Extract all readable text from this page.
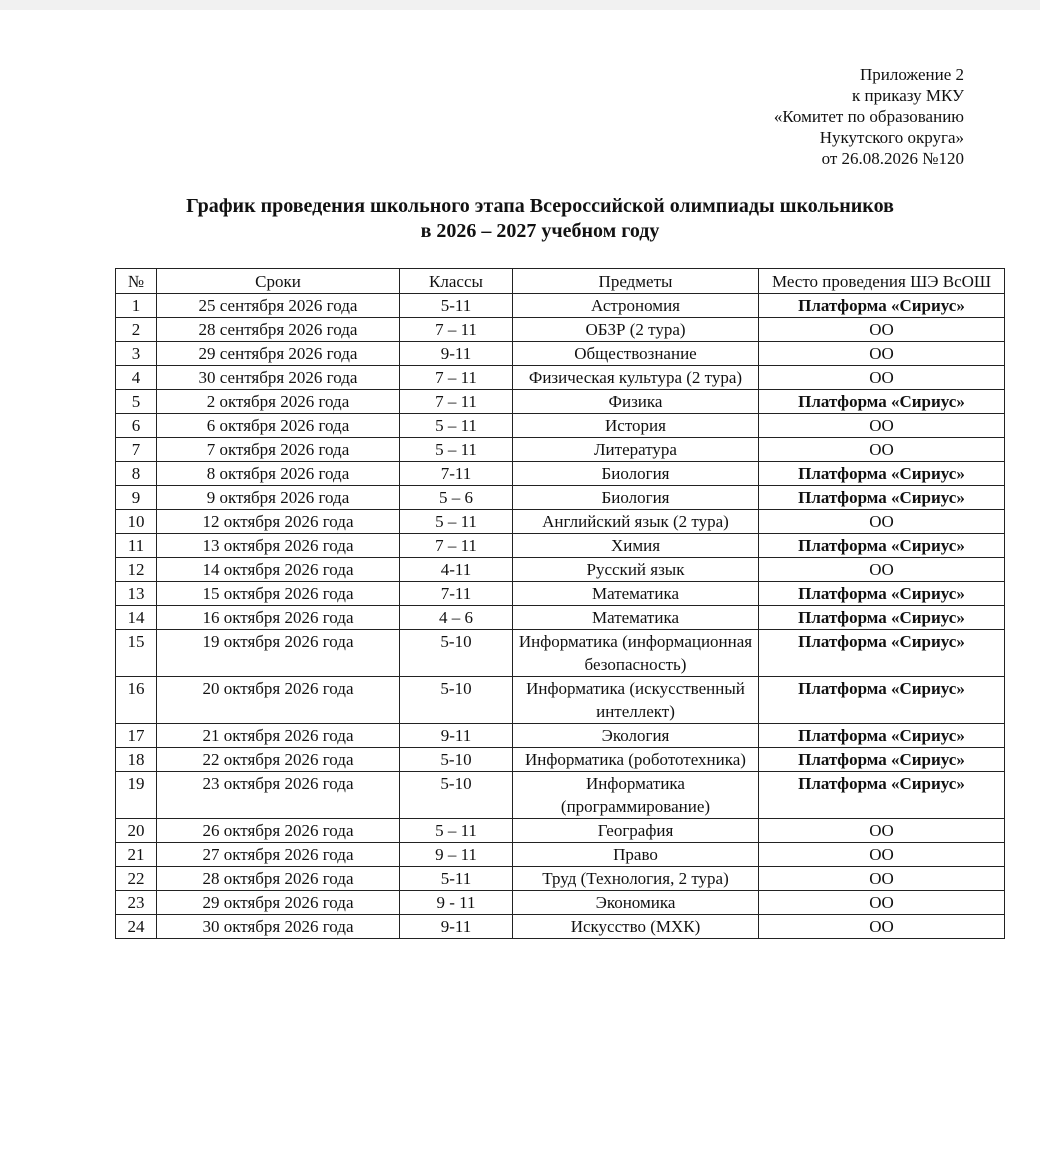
Приложение 2
к приказу МКУ
«Комитет по образованию
Нукутского округа»
от 26.08.2026 №120
График проведения школьного этапа Всероссийской олимпиады школьников
в 2026 – 2027 учебном году
№	Сроки	Классы	Предметы	Место проведения ШЭ ВсОШ
1	25 сентября 2026 года	5-11	Астрономия	Платформа «Сириус»
2	28 сентября 2026 года	7 – 11	ОБЗР (2 тура)	ОО
3	29 сентября 2026 года	9-11	Обществознание	ОО
4	30 сентября 2026 года	7 – 11	Физическая культура (2 тура)	ОО
5	2 октября 2026 года	7 – 11	Физика	Платформа «Сириус»
6	6 октября 2026 года	5 – 11	История	ОО
7	7 октября 2026 года	5 – 11	Литература	ОО
8	8 октября 2026 года	7-11	Биология	Платформа «Сириус»
9	9 октября 2026 года	5 – 6	Биология	Платформа «Сириус»
10	12 октября 2026 года	5 – 11	Английский язык (2 тура)	ОО
11	13 октября 2026 года	7 – 11	Химия	Платформа «Сириус»
12	14 октября 2026 года	4-11	Русский язык	ОО
13	15 октября 2026 года	7-11	Математика	Платформа «Сириус»
14	16 октября 2026 года	4 – 6	Математика	Платформа «Сириус»
15	19 октября 2026 года	5-10	Информатика (информационная безопасность)	Платформа «Сириус»
16	20 октября 2026 года	5-10	Информатика (искусственный интеллект)	Платформа «Сириус»
17	21 октября 2026 года	9-11	Экология	Платформа «Сириус»
18	22 октября 2026 года	5-10	Информатика (робототехника)	Платформа «Сириус»
19	23 октября 2026 года	5-10	Информатика (программирование)	Платформа «Сириус»
20	26 октября 2026 года	5 – 11	География	ОО
21	27 октября 2026 года	9 – 11	Право	ОО
22	28 октября 2026 года	5-11	Труд (Технология, 2 тура)	ОО
23	29 октября 2026 года	9 - 11	Экономика	ОО
24	30 октября 2026 года	9-11	Искусство (МХК)	ОО
